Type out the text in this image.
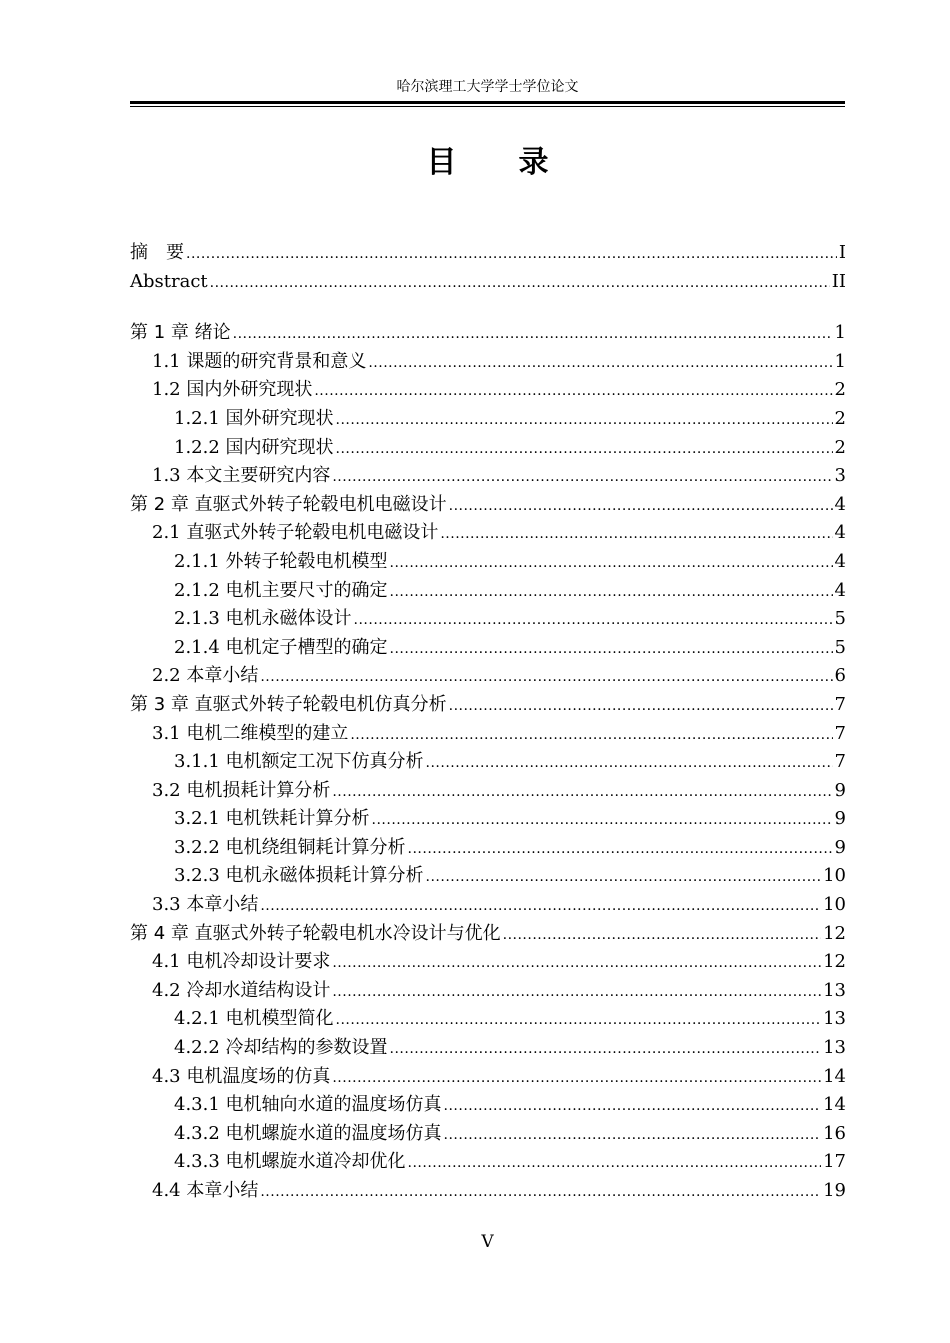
哈尔滨理工大学学士学位论文
目录
摘　要 .....	I
Abstract .....	II
第 1 章 绪论 .....	1
1.1 课题的研究背景和意义 .....	1
1.2 国内外研究现状 .....	2
1.2.1 国外研究现状 .....	2
1.2.2 国内研究现状 .....	2
1.3 本文主要研究内容 .....	3
第 2 章 直驱式外转子轮毂电机电磁设计 .....	4
2.1 直驱式外转子轮毂电机电磁设计 .....	4
2.1.1 外转子轮毂电机模型 .....	4
2.1.2 电机主要尺寸的确定 .....	4
2.1.3 电机永磁体设计 .....	5
2.1.4 电机定子槽型的确定 .....	5
2.2 本章小结 .....	6
第 3 章 直驱式外转子轮毂电机仿真分析 .....	7
3.1 电机二维模型的建立 .....	7
3.1.1 电机额定工况下仿真分析 .....	7
3.2 电机损耗计算分析 .....	9
3.2.1 电机铁耗计算分析 .....	9
3.2.2 电机绕组铜耗计算分析 .....	9
3.2.3 电机永磁体损耗计算分析 .....	10
3.3 本章小结 .....	10
第 4 章 直驱式外转子轮毂电机水冷设计与优化 .....	12
4.1 电机冷却设计要求 .....	12
4.2 冷却水道结构设计 .....	13
4.2.1 电机模型简化 .....	13
4.2.2 冷却结构的参数设置 .....	13
4.3 电机温度场的仿真 .....	14
4.3.1 电机轴向水道的温度场仿真 .....	14
4.3.2 电机螺旋水道的温度场仿真 .....	16
4.3.3 电机螺旋水道冷却优化 .....	17
4.4 本章小结 .....	19
V
